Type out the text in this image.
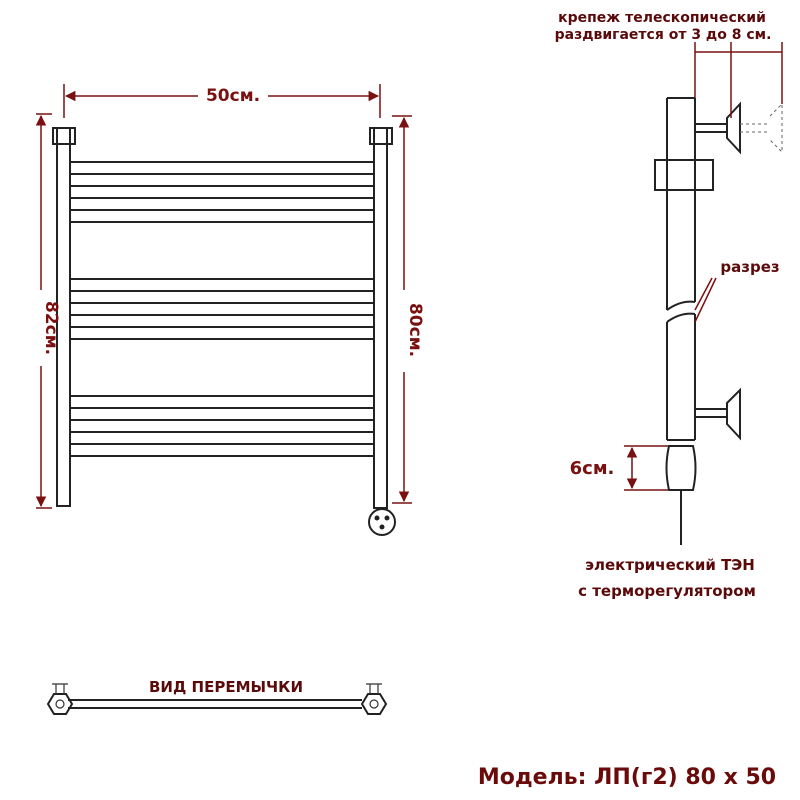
50см.
82см.	80см.
крепеж телескопический
раздвигается от 3 до 8 см.
разрез
6см.
электрический ТЭН
с терморегулятором
ВИД ПЕРЕМЫЧКИ
Модель: ЛП(г2) 80 x 50
